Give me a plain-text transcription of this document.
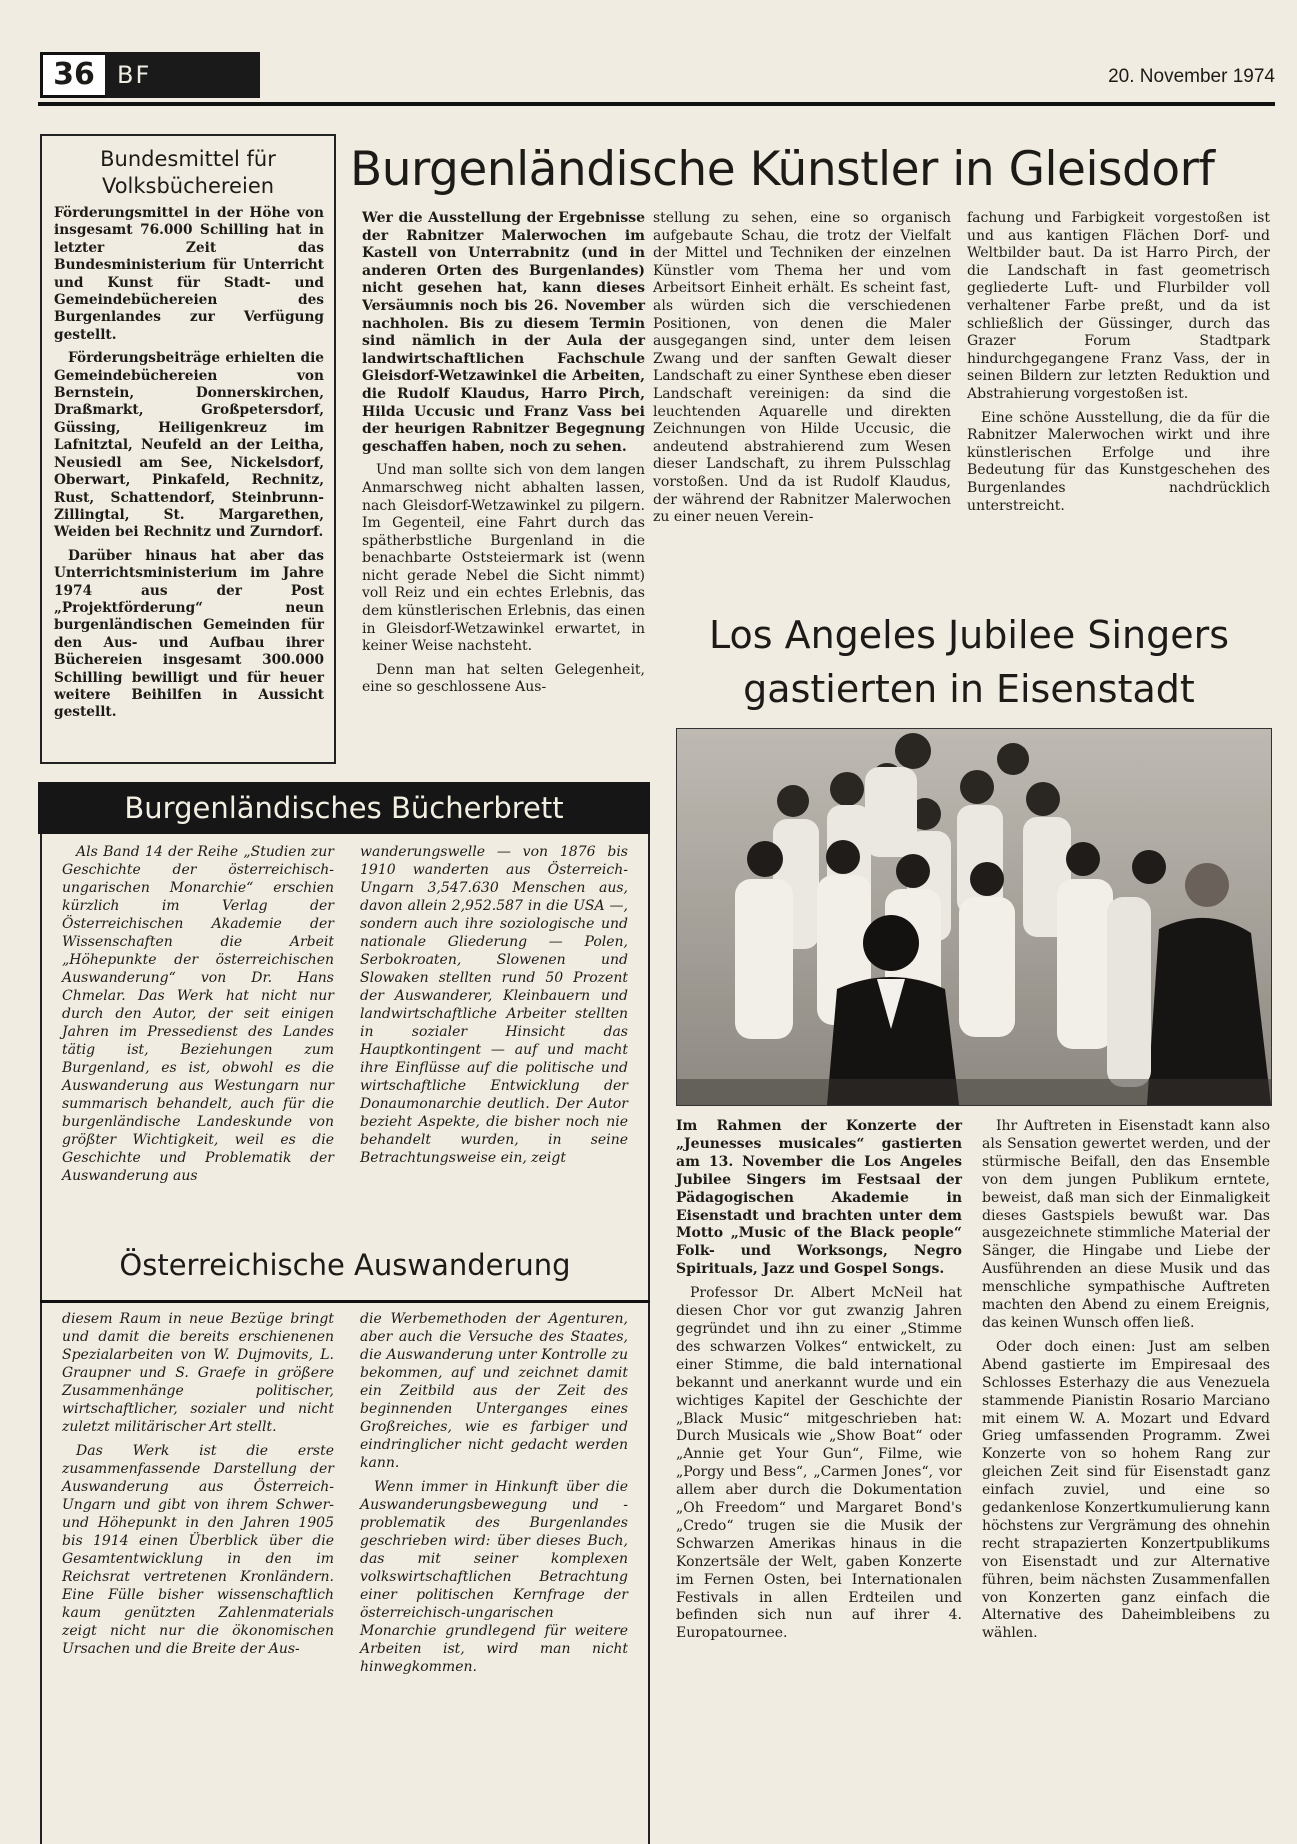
36 BF	20. November 1974
Bundesmittel für
Volksbüchereien

Förderungsmittel in der Höhe von insgesamt 76.000 Schilling hat in letzter Zeit das Bundesministerium für Unterricht und Kunst für Stadt- und Gemeindebüchereien des Burgenlandes zur Verfügung gestellt.

Förderungsbeiträge erhielten die Gemeindebüchereien von Bernstein, Donnerskirchen, Draßmarkt, Großpetersdorf, Güssing, Heiligenkreuz im Lafnitztal, Neufeld an der Leitha, Neusiedl am See, Nickelsdorf, Oberwart, Pinkafeld, Rechnitz, Rust, Schattendorf, Steinbrunn-Zillingtal, St. Margarethen, Weiden bei Rechnitz und Zurndorf.

Darüber hinaus hat aber das Unterrichtsministerium im Jahre 1974 aus der Post „Projektförderung“ neun burgenländischen Gemeinden für den Aus- und Aufbau ihrer Büchereien insgesamt 300.000 Schilling bewilligt und für heuer weitere Beihilfen in Aussicht gestellt.

Burgenländische Künstler in Gleisdorf

Wer die Ausstellung der Ergebnisse der Rabnitzer Malerwochen im Kastell von Unterrabnitz (und in anderen Orten des Burgenlandes) nicht gesehen hat, kann dieses Versäumnis noch bis 26. November nachholen. Bis zu diesem Termin sind nämlich in der Aula der landwirtschaftlichen Fachschule Gleisdorf-Wetzawinkel die Arbeiten, die Rudolf Klaudus, Harro Pirch, Hilda Uccusic und Franz Vass bei der heurigen Rabnitzer Begegnung geschaffen haben, noch zu sehen.

Und man sollte sich von dem langen Anmarschweg nicht abhalten lassen, nach Gleisdorf-Wetzawinkel zu pilgern. Im Gegenteil, eine Fahrt durch das spätherbstliche Burgenland in die benachbarte Oststeiermark ist (wenn nicht gerade Nebel die Sicht nimmt) voll Reiz und ein echtes Erlebnis, das dem künstlerischen Erlebnis, das einen in Gleisdorf-Wetzawinkel erwartet, in keiner Weise nachsteht.

Denn man hat selten Gelegenheit, eine so geschlossene Aus-

stellung zu sehen, eine so organisch aufgebaute Schau, die trotz der Vielfalt der Mittel und Techniken der einzelnen Künstler vom Thema her und vom Arbeitsort Einheit erhält. Es scheint fast, als würden sich die verschiedenen Positionen, von denen die Maler ausgegangen sind, unter dem leisen Zwang und der sanften Gewalt dieser Landschaft zu einer Synthese eben dieser Landschaft vereinigen: da sind die leuchtenden Aquarelle und direkten Zeichnungen von Hilde Uccusic, die andeutend abstrahierend zum Wesen dieser Landschaft, zu ihrem Pulsschlag vorstoßen. Und da ist Rudolf Klaudus, der während der Rabnitzer Malerwochen zu einer neuen Verein-

fachung und Farbigkeit vorgestoßen ist und aus kantigen Flächen Dorf- und Weltbilder baut. Da ist Harro Pirch, der die Landschaft in fast geometrisch gegliederte Luft- und Flurbilder voll verhaltener Farbe preßt, und da ist schließlich der Güssinger, durch das Grazer Forum Stadtpark hindurchgegangene Franz Vass, der in seinen Bildern zur letzten Reduktion und Abstrahierung vorgestoßen ist.

Eine schöne Ausstellung, die da für die Rabnitzer Malerwochen wirkt und ihre künstlerischen Erfolge und ihre Bedeutung für das Kunstgeschehen des Burgenlandes nachdrücklich unterstreicht.

Burgenländisches Bücherbrett

Als Band 14 der Reihe „Studien zur Geschichte der österreichisch-ungarischen Monarchie“ erschien kürzlich im Verlag der Österreichischen Akademie der Wissenschaften die Arbeit „Höhepunkte der österreichischen Auswanderung“ von Dr. Hans Chmelar. Das Werk hat nicht nur durch den Autor, der seit einigen Jahren im Pressedienst des Landes tätig ist, Beziehungen zum Burgenland, es ist, obwohl es die Auswanderung aus Westungarn nur summarisch behandelt, auch für die burgenländische Landeskunde von größter Wichtigkeit, weil es die Geschichte und Problematik der Auswanderung aus

wanderungswelle — von 1876 bis 1910 wanderten aus Österreich-Ungarn 3,547.630 Menschen aus, davon allein 2,952.587 in die USA —, sondern auch ihre soziologische und nationale Gliederung — Polen, Serbokroaten, Slowenen und Slowaken stellten rund 50 Prozent der Auswanderer, Kleinbauern und landwirtschaftliche Arbeiter stellten in sozialer Hinsicht das Hauptkontingent — auf und macht ihre Einflüsse auf die politische und wirtschaftliche Entwicklung der Donaumonarchie deutlich. Der Autor bezieht Aspekte, die bisher noch nie behandelt wurden, in seine Betrachtungsweise ein, zeigt

Österreichische Auswanderung

diesem Raum in neue Bezüge bringt und damit die bereits erschienenen Spezialarbeiten von W. Dujmovits, L. Graupner und S. Graefe in größere Zusammenhänge politischer, wirtschaftlicher, sozialer und nicht zuletzt militärischer Art stellt.

Das Werk ist die erste zusammenfassende Darstellung der Auswanderung aus Österreich-Ungarn und gibt von ihrem Schwer- und Höhepunkt in den Jahren 1905 bis 1914 einen Überblick über die Gesamtentwicklung in den im Reichsrat vertretenen Kronländern. Eine Fülle bisher wissenschaftlich kaum genützten Zahlenmaterials zeigt nicht nur die ökonomischen Ursachen und die Breite der Aus-

die Werbemethoden der Agenturen, aber auch die Versuche des Staates, die Auswanderung unter Kontrolle zu bekommen, auf und zeichnet damit ein Zeitbild aus der Zeit des beginnenden Unterganges eines Großreiches, wie es farbiger und eindringlicher nicht gedacht werden kann.

Wenn immer in Hinkunft über die Auswanderungsbewegung und -problematik des Burgenlandes geschrieben wird: über dieses Buch, das mit seiner komplexen volkswirtschaftlichen Betrachtung einer politischen Kernfrage der österreichisch-ungarischen Monarchie grundlegend für weitere Arbeiten ist, wird man nicht hinwegkommen.

Los Angeles Jubilee Singers
gastierten in Eisenstadt

Im Rahmen der Konzerte der „Jeunesses musicales“ gastierten am 13. November die Los Angeles Jubilee Singers im Festsaal der Pädagogischen Akademie in Eisenstadt und brachten unter dem Motto „Music of the Black people“ Folk- und Worksongs, Negro Spirituals, Jazz und Gospel Songs.

Professor Dr. Albert McNeil hat diesen Chor vor gut zwanzig Jahren gegründet und ihn zu einer „Stimme des schwarzen Volkes“ entwickelt, zu einer Stimme, die bald international bekannt und anerkannt wurde und ein wichtiges Kapitel der Geschichte der „Black Music“ mitgeschrieben hat: Durch Musicals wie „Show Boat“ oder „Annie get Your Gun“, Filme, wie „Porgy und Bess“, „Carmen Jones“, vor allem aber durch die Dokumentation „Oh Freedom“ und Margaret Bond's „Credo“ trugen sie die Musik der Schwarzen Amerikas hinaus in die Konzertsäle der Welt, gaben Konzerte im Fernen Osten, bei Internationalen Festivals in allen Erdteilen und befinden sich nun auf ihrer 4. Europatournee.

Ihr Auftreten in Eisenstadt kann also als Sensation gewertet werden, und der stürmische Beifall, den das Ensemble von dem jungen Publikum erntete, beweist, daß man sich der Einmaligkeit dieses Gastspiels bewußt war. Das ausgezeichnete stimmliche Material der Sänger, die Hingabe und Liebe der Ausführenden an diese Musik und das menschliche sympathische Auftreten machten den Abend zu einem Ereignis, das keinen Wunsch offen ließ.

Oder doch einen: Just am selben Abend gastierte im Empiresaal des Schlosses Esterhazy die aus Venezuela stammende Pianistin Rosario Marciano mit einem W. A. Mozart und Edvard Grieg umfassenden Programm. Zwei Konzerte von so hohem Rang zur gleichen Zeit sind für Eisenstadt ganz einfach zuviel, und eine so gedankenlose Konzertkumulierung kann höchstens zur Vergrämung des ohnehin recht strapazierten Konzertpublikums von Eisenstadt und zur Alternative führen, beim nächsten Zusammenfallen von Konzerten ganz einfach die Alternative des Daheimbleibens zu wählen.
